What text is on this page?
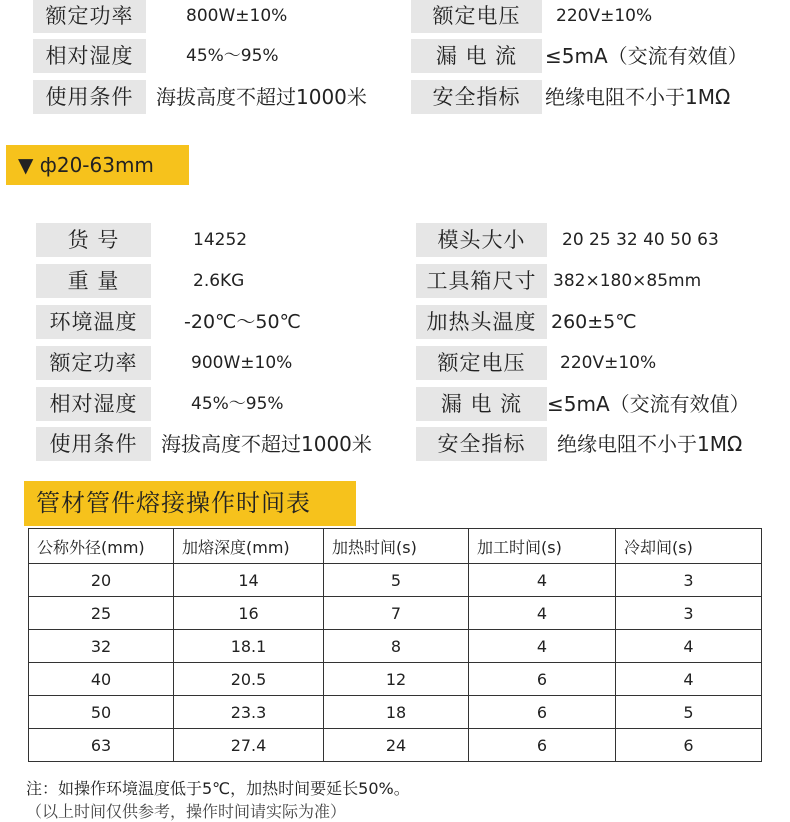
额定功率	800W±10%	额定电压	220V±10%
相对湿度	45%～95%	漏 电 流	≤5mA（交流有效值）
使用条件	海拔高度不超过1000米	安全指标	绝缘电阻不小于1MΩ
▼ ф20-63mm
货 号	14252	模头大小	20 25 32 40 50 63
重 量	2.6KG	工具箱尺寸 382×180×85mm
环境温度	-20℃～50℃	加热头温度 260±5℃
额定功率	900W±10%	额定电压	220V±10%
相对湿度	45%～95%	漏 电 流	≤5mA（交流有效值）
使用条件	海拔高度不超过1000米	安全指标	绝缘电阻不小于1MΩ
管材管件熔接操作时间表
公称外径(mm)	加熔深度(mm)	加热时间(s)	加工时间(s)	冷却间(s)
20	14	5	4	3
25	16	7	4	3
32	18.1	8	4	4
40	20.5	12	6	4
50	23.3	18	6	5
63	27.4	24	6	6
注：如操作环境温度低于5℃，加热时间要延长50%。
（以上时间仅供参考，操作时间请实际为准）
